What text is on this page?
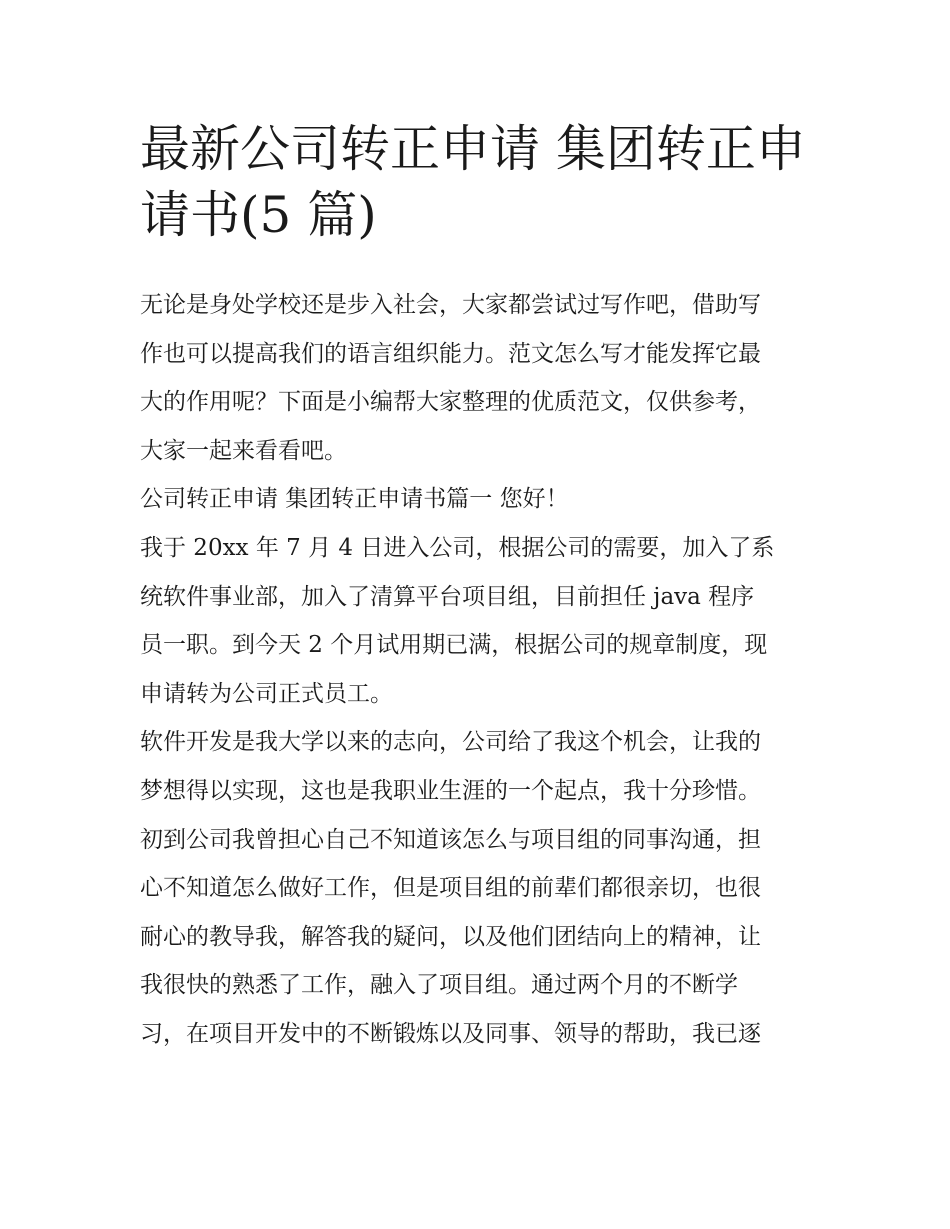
最新公司转正申请 集团转正申
请书(5 篇)
无论是身处学校还是步入社会，大家都尝试过写作吧，借助写
作也可以提高我们的语言组织能力。范文怎么写才能发挥它最
大的作用呢？下面是小编帮大家整理的优质范文，仅供参考，
大家一起来看看吧。
公司转正申请 集团转正申请书篇一 您好！
我于 20xx 年 7 月 4 日进入公司，根据公司的需要，加入了系
统软件事业部，加入了清算平台项目组，目前担任 java 程序
员一职。到今天 2 个月试用期已满，根据公司的规章制度，现
申请转为公司正式员工。
软件开发是我大学以来的志向，公司给了我这个机会，让我的
梦想得以实现，这也是我职业生涯的一个起点，我十分珍惜。
初到公司我曾担心自己不知道该怎么与项目组的同事沟通，担
心不知道怎么做好工作，但是项目组的前辈们都很亲切，也很
耐心的教导我，解答我的疑问，以及他们团结向上的精神，让
我很快的熟悉了工作，融入了项目组。通过两个月的不断学
习，在项目开发中的不断锻炼以及同事、领导的帮助，我已逐
